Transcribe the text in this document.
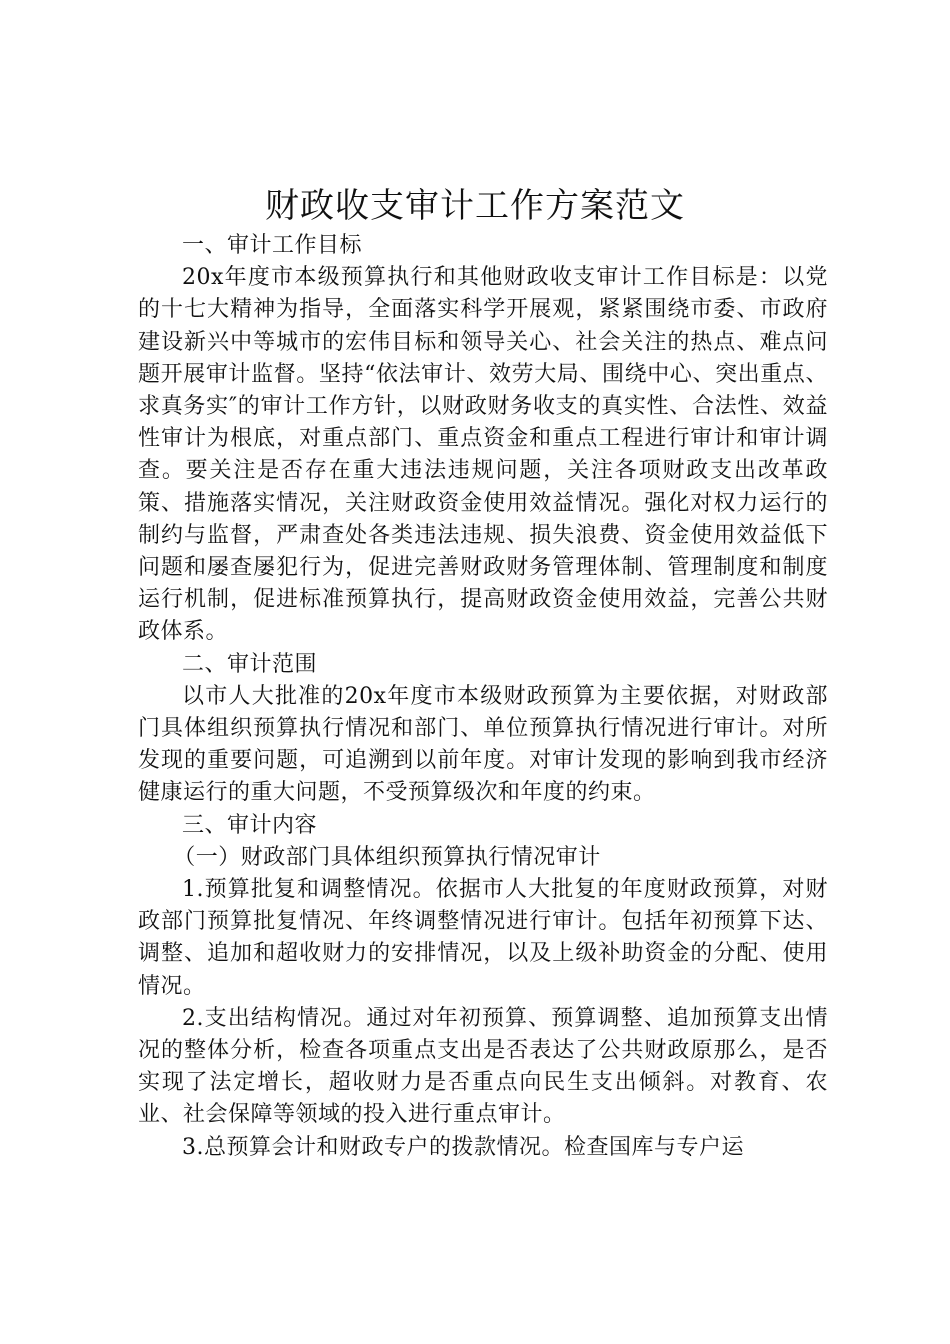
财政收支审计工作方案范文

一、审计工作目标

20x年度市本级预算执行和其他财政收支审计工作目标是：以党的十七大精神为指导，全面落实科学开展观，紧紧围绕市委、市政府建设新兴中等城市的宏伟目标和领导关心、社会关注的热点、难点问题开展审计监督。坚持“依法审计、效劳大局、围绕中心、突出重点、求真务实″的审计工作方针，以财政财务收支的真实性、合法性、效益性审计为根底，对重点部门、重点资金和重点工程进行审计和审计调查。要关注是否存在重大违法违规问题，关注各项财政支出改革政策、措施落实情况，关注财政资金使用效益情况。强化对权力运行的制约与监督，严肃查处各类违法违规、损失浪费、资金使用效益低下问题和屡查屡犯行为，促进完善财政财务管理体制、管理制度和制度运行机制，促进标准预算执行，提高财政资金使用效益，完善公共财政体系。

二、审计范围

以市人大批准的20x年度市本级财政预算为主要依据，对财政部门具体组织预算执行情况和部门、单位预算执行情况进行审计。对所发现的重要问题，可追溯到以前年度。对审计发现的影响到我市经济健康运行的重大问题，不受预算级次和年度的约束。

三、审计内容

（一）财政部门具体组织预算执行情况审计

1.预算批复和调整情况。依据市人大批复的年度财政预算，对财政部门预算批复情况、年终调整情况进行审计。包括年初预算下达、调整、追加和超收财力的安排情况，以及上级补助资金的分配、使用情况。

2.支出结构情况。通过对年初预算、预算调整、追加预算支出情况的整体分析，检查各项重点支出是否表达了公共财政原那么，是否实现了法定增长，超收财力是否重点向民生支出倾斜。对教育、农业、社会保障等领域的投入进行重点审计。

3.总预算会计和财政专户的拨款情况。检查国库与专户运
